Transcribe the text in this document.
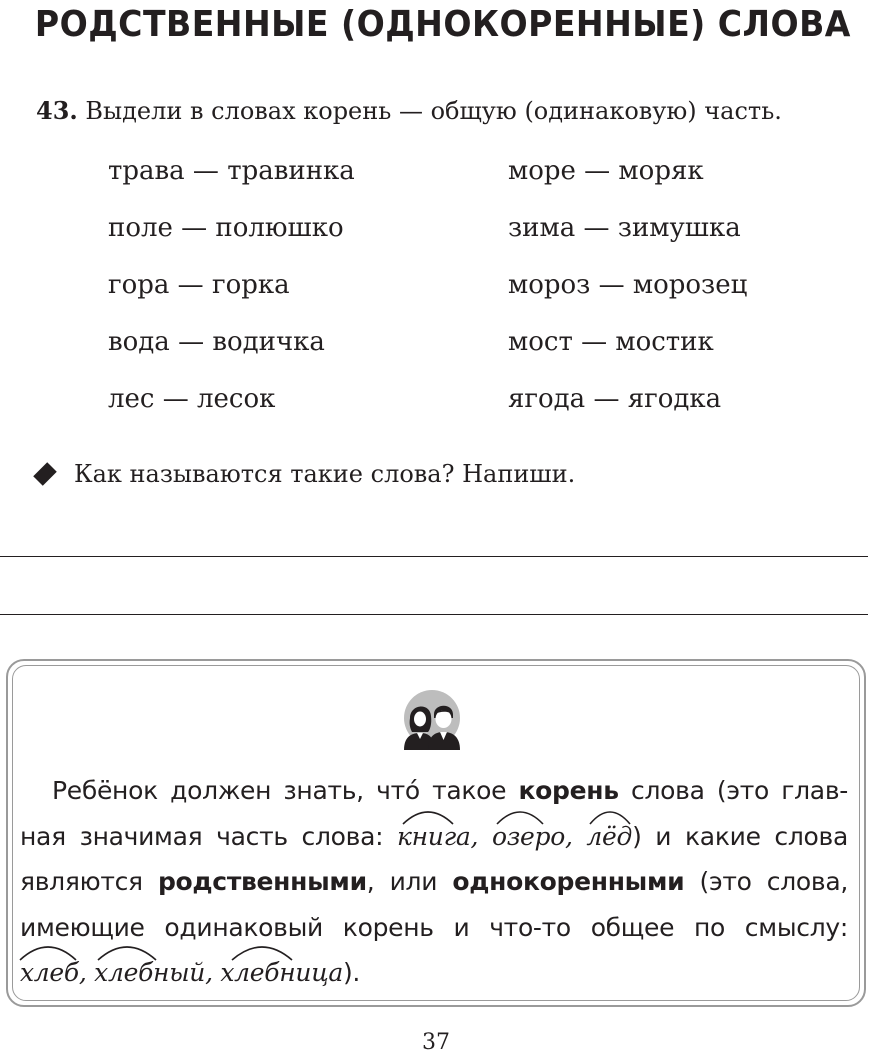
РОДСТВЕННЫЕ (ОДНОКОРЕННЫЕ) СЛОВА
43. Выдели в словах корень — общую (одинаковую) часть.
трава — травинка
поле — полюшко
гора — горка
вода — водичка
лес — лесок
море — моряк
зима — зимушка
мороз — морозец
мост — мостик
ягода — ягодка
Как называются такие слова? Напиши.
Ребёнок должен знать, что́ такое корень слова (это глав-
ная значимая часть слова: книга, озеро, лёд) и какие слова
являются родственными, или однокоренными (это слова,
имеющие одинаковый корень и что-то общее по смыслу:
хлеб, хлебный, хлебница).
37
